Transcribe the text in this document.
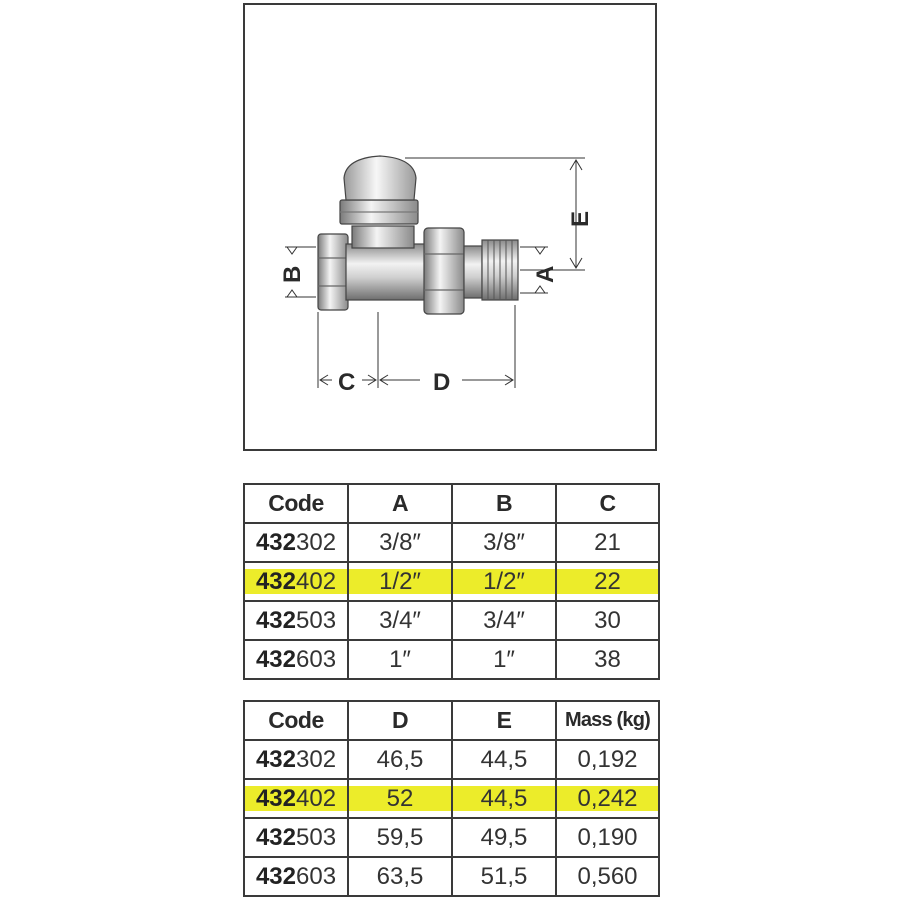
E
A
B
C	D
Code	A	B	C
432302	3/8″	3/8″	21

432402	1/2″	1/2″	22
432503	3/4″	3/4″	30
432603	1″	1″	38
Code	D	E	Mass (kg)
432302	46,5	44,5	0,192

432402	52	44,5	0,242
432503	59,5	49,5	0,190
432603	63,5	51,5	0,560
